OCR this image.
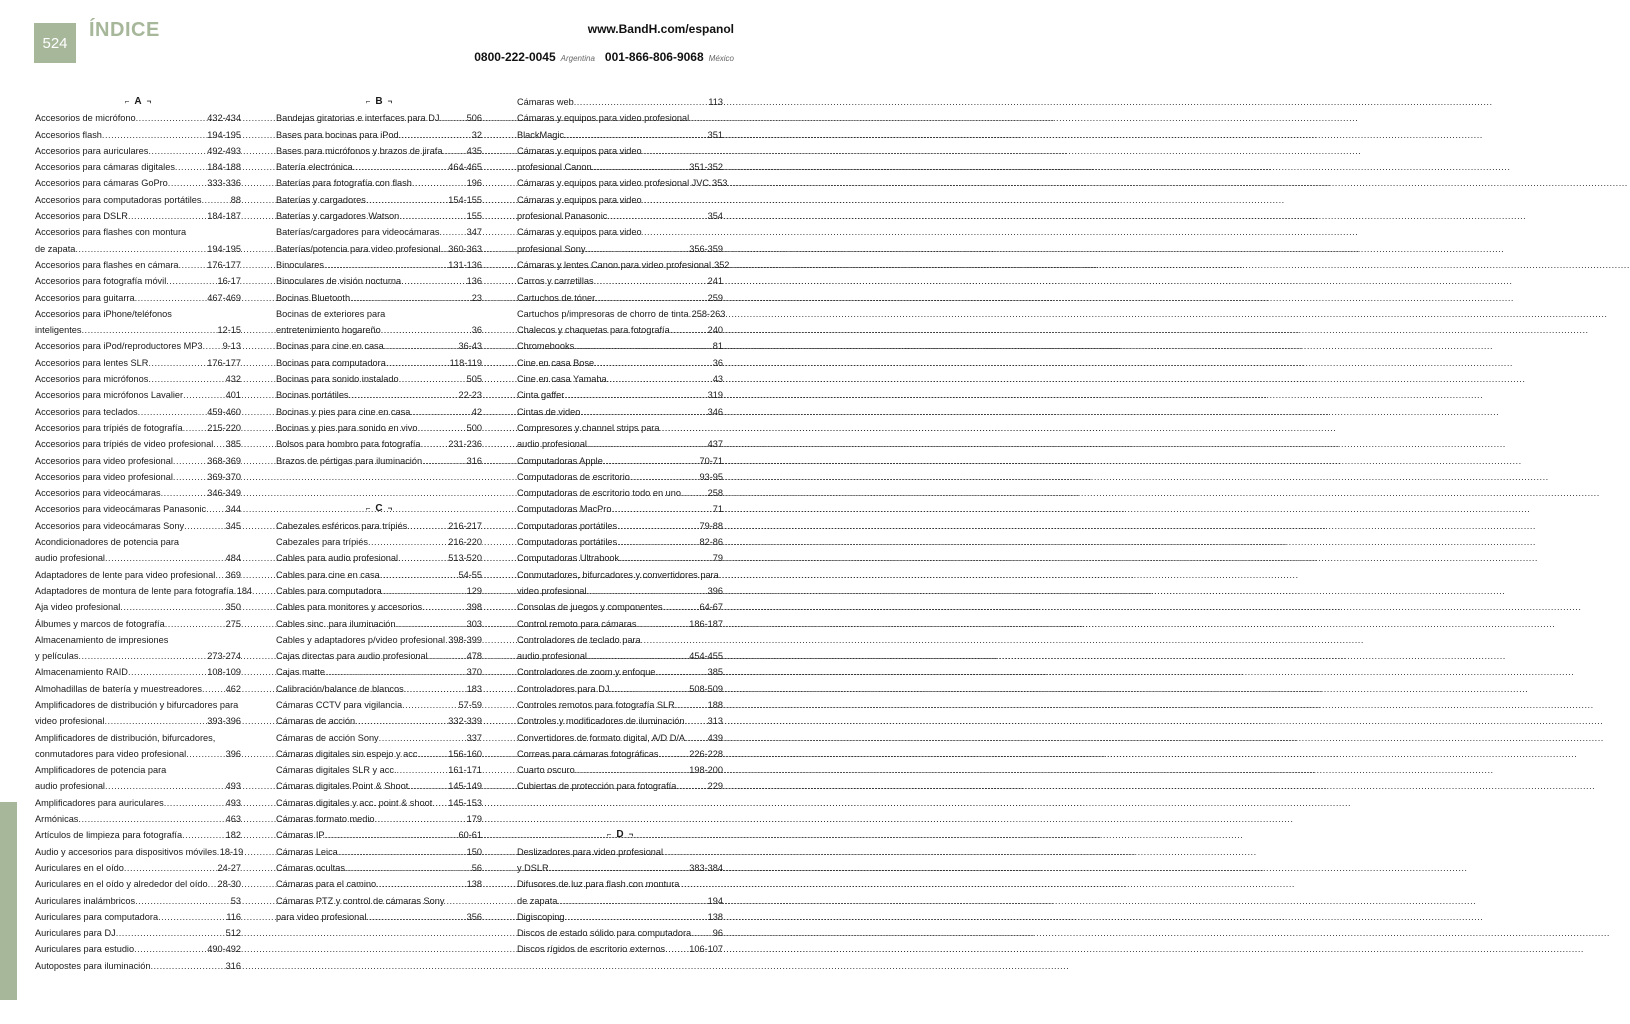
524
ÍNDICE	www.BandH.com/espanol
0800-222-0045 Argentina 001-866-806-9068 México
⌐ A ¬
Accesorios de micrófono .....	432-434
Accesorios flash .....	194-195
Accesorios para auriculares .....	492-493
Accesorios para cámaras digitales .....	184-188
Accesorios para cámaras GoPro .....	333-336
Accesorios para computadoras portátiles .....	88
Accesorios para DSLR .....	184-187
Accesorios para flashes con montura
de zapata .....	194-195
Accesorios para flashes en cámara .....	176-177
Accesorios para fotografía móvil .....	16-17
Accesorios para guitarra .....	467-469
Accesorios para iPhone/teléfonos
inteligentes .....	12-15
Accesorios para iPod/reproductores MP3 ..... 9-13
Accesorios para lentes SLR .....	176-177
Accesorios para micrófonos .....	432
Accesorios para micrófonos Lavalier .....	401
Accesorios para teclados .....	459-460
Accesorios para trípiés de fotografía .....	215-220
Accesorios para trípiés de video profesional ..... 385
Accesorios para video profesional .....	368-369
Accesorios para video profesional .....	369-370
Accesorios para videocámaras .....	346-349
Accesorios para videocámaras Panasonic ..... 344
Accesorios para videocámaras Sony .....	345
Acondicionadores de potencia para
audio profesional .....	484
Adaptadores de lente para video profesional ..... 369
Adaptadores de montura de lente para fotografía ..... 184
Aja video profesional .....	350
Álbumes y marcos de fotografía .....	275
Almacenamiento de impresiones
y películas .....	273-274
Almacenamiento RAID .....	108-109
Almohadillas de batería y muestreadores .....	462
Amplificadores de distribución y bifurcadores para
video profesional .....	393-396
Amplificadores de distribución, bifurcadores,
conmutadores para video profesional .....	396
Amplificadores de potencia para
audio profesional .....	493
Amplificadores para auriculares .....	493
Armónicas .....	463
Artículos de limpieza para fotografía .....	182
Audio y accesorios para dispositivos móviles ..... 18-19
Auriculares en el oído .....	24-27
Auriculares en el oído y alrededor del oído ..... 28-30
Auriculares inalámbricos .....	53
Auriculares para computadora .....	116
Auriculares para DJ .....	512
Auriculares para estudio .....	490-492
Autopostes para iluminación .....	316
⌐ B ¬
Bandejas giratorias e interfaces para DJ .....	506
Bases para bocinas para iPod .....	32
Bases para micrófonos y brazos de jirafa .....	435
Batería electrónica .....	464-465
Baterías para fotografía con flash .....	196
Baterías y cargadores .....	154-155
Baterías y cargadores Watson .....	155
Baterías/cargadores para videocámaras .....	347
Baterías/potencia para video profesional ..... 360-363
Binoculares .....	131-136
Binoculares de visión nocturna .....	136
Bocinas Bluetooth .....	23
Bocinas de exteriores para
entretenimiento hogareño .....	36
Bocinas para cine en casa .....	36-43
Bocinas para computadora .....	118-119
Bocinas para sonido instalado .....	505
Bocinas portátiles .....	22-23
Bocinas y pies para cine en casa .....	42
Bocinas y pies para sonido en vivo .....	500
Bolsos para hombro para fotografía .....	231-236
Brazos de pértigas para iluminación .....	316
⌐ C ¬
Cabezales esféricos para trípiés .....	216-217
Cabezales para trípiés .....	216-220
Cables para audio profesional .....	513-520
Cables para cine en casa .....	54-55
Cables para computadora .....	129
Cables para monitores y accesorios .....	398
Cables sinc. para iluminación .....	303
Cables y adaptadores p/video profesional ..... 398-399
Cajas directas para audio profesional .....	478
Cajas matte .....	370
Calibración/balance de blancos .....	183
Cámaras CCTV para vigilancia .....	57-59
Cámaras de acción .....	332-339
Cámaras de acción Sony .....	337
Cámaras digitales sin espejo y acc. .....	156-160
Cámaras digitales SLR y acc. .....	161-171
Cámaras digitales Point & Shoot .....	145-149
Cámaras digitales y acc. point & shoot ..... 145-153
Cámaras formato medio .....	179
Cámaras IP .....	60-61
Cámaras Leica .....	150
Cámaras ocultas .....	56
Cámaras para el camino .....	138
Cámaras PTZ y control de cámaras Sony
para video profesional .....	356
Cámaras web .....	113
Cámaras y equipos para video profesional
BlackMagic .....	351
Cámaras y equipos para video
profesional Canon .....	351-352
Cámaras y equipos para video profesional JVC ..... 353
Cámaras y equipos para video
profesional Panasonic .....	354
Cámaras y equipos para video
profesional Sony .....	356-359
Cámaras y lentes Canon para video profesional ..... 352
Carros y carretillas .....	241
Cartuchos de tóner .....	259
Cartuchos p/impresoras de chorro de tinta ..... 258-263
Chalecos y chaquetas para fotografía .....	240
Chromebooks .....	81
Cine en casa Bose .....	36
Cine en casa Yamaha .....	43
Cinta gaffer .....	319
Cintas de video .....	346
Compresores y channel strips para
audio profesional .....	437
Computadoras Apple .....	70-71
Computadoras de escritorio .....	93-95
Computadoras de escritorio todo en uno .....	258
Computadoras MacPro .....	71
Computadoras portátiles .....	79-88
Computadoras portátiles .....	82-86
Computadoras Ultrabook .....	79
Conmutadores, bifurcadores y convertidores para
video profesional .....	396
Consolas de juegos y componentes .....	64-67
Control remoto para cámaras .....	186-187
Controladores de teclado para
audio profesional .....	454-455
Controladores de zoom y enfoque .....	385
Controladores para DJ .....	508-509
Controles remotos para fotografía SLR .....	188
Controles y modificadores de iluminación .....	313
Convertidores de formato digital, A/D D/A ..... 439
Correas para cámaras fotográficas .....	226-228
Cuarto oscuro .....	198-200
Cubiertas de protección para fotografía .....	229
⌐ D ¬
Deslizadores para video profesional
y DSLR .....	383-384
Difusores de luz para flash con montura
de zapata .....	194
Digiscoping .....	138
Discos de estado sólido para computadora ..... 96
Discos rígidos de escritorio externos .....	106-107
